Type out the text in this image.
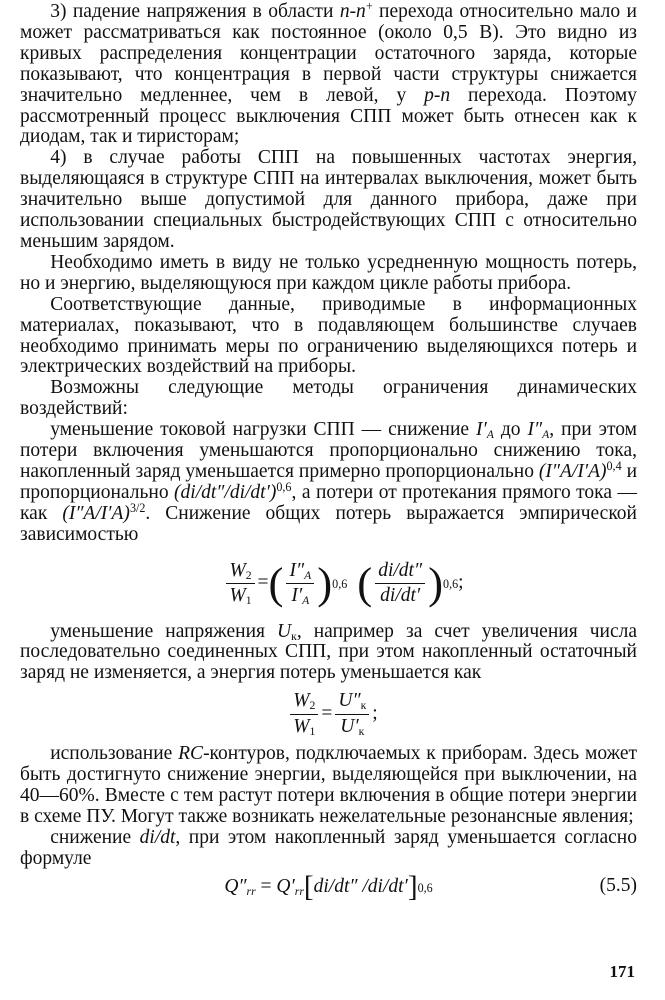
3) падение напряжения в области n-n+ перехода относительно мало и может рассматриваться как постоянное (около 0,5 В). Это видно из кривых распределения концентрации остаточного заряда, которые показывают, что концентрация в первой части структуры снижается значительно медленнее, чем в левой, у p-n перехода. Поэтому рассмотренный процесс выключения СПП может быть отнесен как к диодам, так и тиристорам;

4) в случае работы СПП на повышенных частотах энергия, выделяющаяся в структуре СПП на интервалах выключения, может быть значительно выше допустимой для данного прибора, даже при использовании специальных быстродействующих СПП с относительно меньшим зарядом.

Необходимо иметь в виду не только усредненную мощность потерь, но и энергию, выделяющуюся при каждом цикле работы прибора.

Соответствующие данные, приводимые в информационных материалах, показывают, что в подавляющем большинстве случаев необходимо принимать меры по ограничению выделяющихся потерь и электрических воздействий на приборы.

Возможны следующие методы ограничения динамических воздействий:

уменьшение токовой нагрузки СПП — снижение $I'_A$ до $I''_A$, при этом потери включения уменьшаются пропорционально снижению тока, накопленный заряд уменьшается примерно пропорционально $(I''A/I'A)^{0,4}$ и пропорционально $(di/dt''/di/dt')^{0,6}$, а потери от протекания прямого тока — как $(I''A/I'A)^{3/2}$. Снижение общих потерь выражается эмпирической зависимостью

$\frac{W_2}{W_1}$ = ( $\frac{I''_A}{I'_A}$ ) 0,6 ( $\frac{di/dt''}{di/dt'}$ ) 0,6 ;

уменьшение напряжения $U_к$, например за счет увеличения числа последовательно соединенных СПП, при этом накопленный остаточный заряд не изменяется, а энергия потерь уменьшается как

$\frac{W_2}{W_1} = \frac{U''_к}{U'_к}$ ;

использование RC-контуров, подключаемых к приборам. Здесь может быть достигнуто снижение энергии, выделяющейся при выключении, на 40—60%. Вместе с тем растут потери включения в общие потери энергии в схеме ПУ. Могут также возникать нежелательные резонансные явления;

снижение di/dt, при этом накопленный заряд уменьшается согласно формуле

$Q''_{rr} = Q'_{rr}$ [ di/dt″ /di/dt′ ] 0,6	(5.5)
171
